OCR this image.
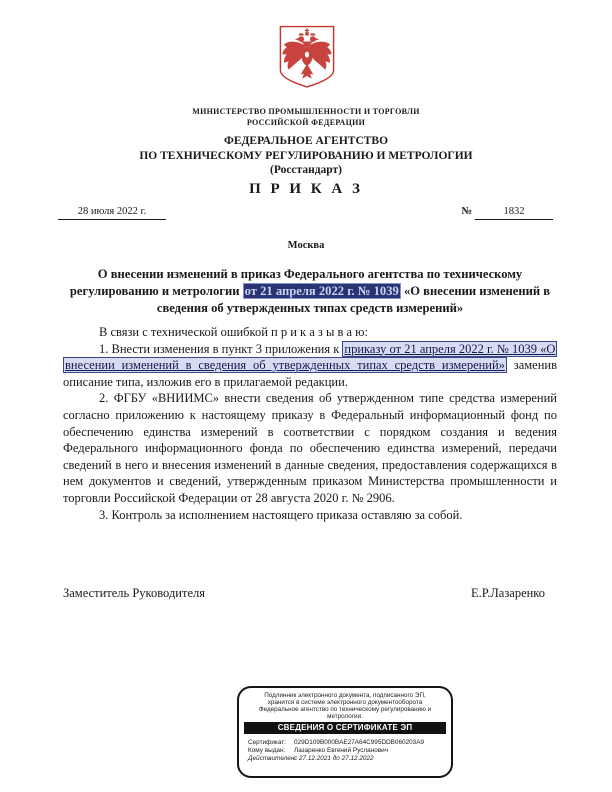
МИНИСТЕРСТВО ПРОМЫШЛЕННОСТИ И ТОРГОВЛИ
РОССИЙСКОЙ ФЕДЕРАЦИИ
ФЕДЕРАЛЬНОЕ АГЕНТСТВО
ПО ТЕХНИЧЕСКОМУ РЕГУЛИРОВАНИЮ И МЕТРОЛОГИИ
(Росстандарт)
П Р И К А З
28 июля 2022 г.	№	1832
Москва
О внесении изменений в приказ Федерального агентства по техническому регулированию и метрологии от 21 апреля 2022 г. № 1039 «О внесении изменений в сведения об утвержденных типах средств измерений»

В связи с технической ошибкой п р и к а з ы в а ю:

1. Внести изменения в пункт 3 приложения к приказу от 21 апреля 2022 г. № 1039 «О внесении изменений в сведения об утвержденных типах средств измерений» заменив описание типа, изложив его в прилагаемой редакции.

2. ФГБУ «ВНИИМС» внести сведения об утвержденном типе средства измерений согласно приложению к настоящему приказу в Федеральный информационный фонд по обеспечению единства измерений в соответствии с порядком создания и ведения Федерального информационного фонда по обеспечению единства измерений, передачи сведений в него и внесения изменений в данные сведения, предоставления содержащихся в нем документов и сведений, утвержденным приказом Министерства промышленности и торговли Российской Федерации от 28 августа 2020 г. № 2906.

3. Контроль за исполнением настоящего приказа оставляю за собой.

Заместитель Руководителя	Е.Р.Лазаренко
Подлинник электронного документа, подписанного ЭП,
хранится в системе электронного документооборота
Федеральное агентство по техническому регулированию и
метрологии.
СВЕДЕНИЯ О СЕРТИФИКАТЕ ЭП
Сертификат:	029D109B000BAE27A64C995DDB060203A9
Кому выдан:	Лазаренко Евгений Русланович
Действителен:
с 27.12.2021 до 27.12.2022
